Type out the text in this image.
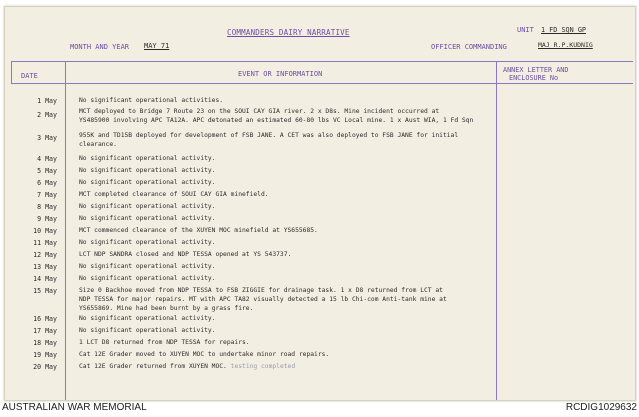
COMMANDERS DAIRY NARRATIVE	UNIT 1 FD SQN GP
MONTH AND YEAR MAY 71	OFFICER COMMANDING	MAJ R.P.KUDNIG
DATE	EVENT OR INFORMATION	ANNEX LETTER AND
ENCLOSURE No
1 May	No significant operational activities.
2 May	MCT deployed to Bridge 7 Route 23 on the SOUI CAY GIA river. 2 x D8s. Mine incident occurred at
YS485900 involving APC TA12A. APC detonated an estimated 60-80 lbs VC Local mine. 1 x Aust WIA, 1 Fd Sqn
3 May	955K and TD15B deployed for development of FSB JANE. A CET was also deployed to FSB JANE for initial
clearance.
4 May	No significant operational activity.
5 May	No significant operational activity.
6 May	No significant operational activity.
7 May	MCT completed clearance of SOUI CAY GIA minefield.
8 May	No significant operational activity.
9 May	No significant operational activity.
10 May	MCT commenced clearance of the XUYEN MOC minefield at YS655685.
11 May	No significant operational activity.
12 May	LCT NDP SANDRA closed and NDP TESSA opened at YS 543737.
13 May	No significant operational activity.
14 May	No significant operational activity.
15 May	Size 0 Backhoe moved from NDP TESSA to FSB ZIGGIE for drainage task. 1 x D8 returned from LCT at
NDP TESSA for major repairs. MT with APC TA82 visually detected a 15 lb Chi-com Anti-tank mine at
YS655869. Mine had been burnt by a grass fire.
16 May	No significant operational activity.
17 May	No significant operational activity.
18 May	1 LCT D8 returned from NDP TESSA for repairs.
19 May	Cat 12E Grader moved to XUYEN MOC to undertake minor road repairs.
20 May	Cat 12E Grader returned from XUYEN MOC. testing completed
AUSTRALIAN WAR MEMORIAL	RCDIG1029632
